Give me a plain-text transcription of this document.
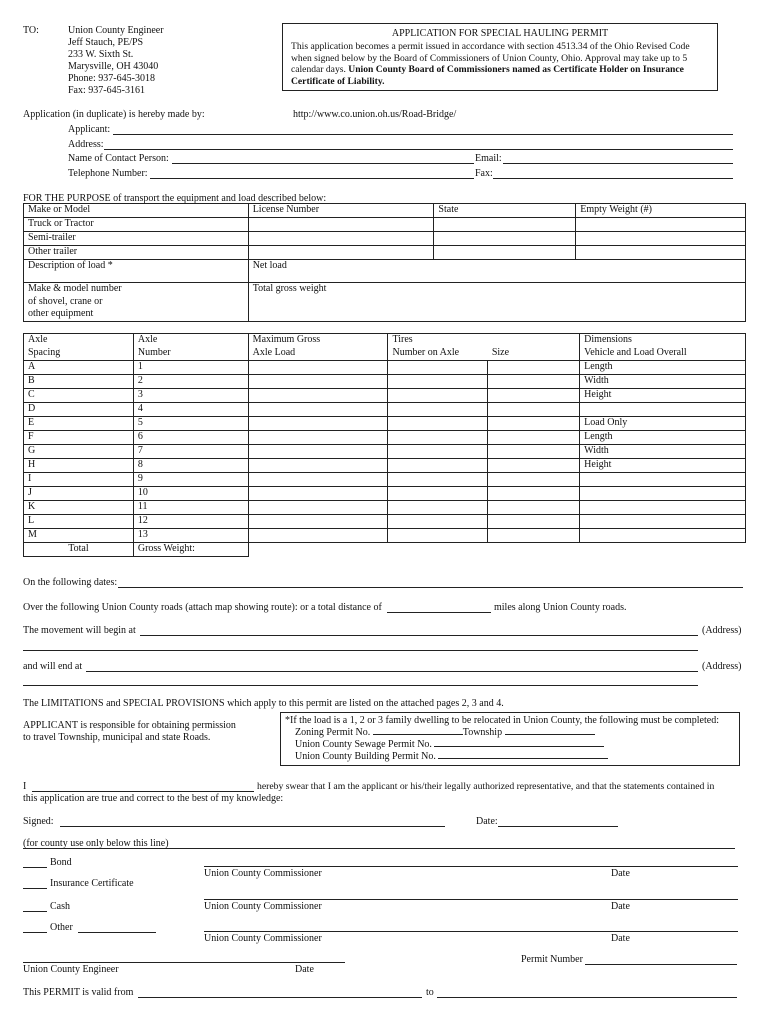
TO:	Union County Engineer
Jeff Stauch, PE/PS
233 W. Sixth St.
Marysville, OH 43040
Phone: 937-645-3018
Fax: 937-645-3161
APPLICATION FOR SPECIAL HAULING PERMIT
This application becomes a permit issued in accordance with section 4513.34 of the Ohio Revised Code when signed below by the Board of Commissioners of Union County, Ohio. Approval may take up to 5 calendar days. Union County Board of Commissioners named as Certificate Holder on Insurance Certificate of Liability.
Application (in duplicate) is hereby made by:	http://www.co.union.oh.us/Road-Bridge/
Applicant:
Address:
Name of Contact Person:	Email:
Telephone Number:	Fax:
FOR THE PURPOSE of transport the equipment and load described below:
Make or Model	License Number	State	Empty Weight (#)
Truck or Tractor			
Semi-trailer			
Other trailer			
Description of load *	Net load		

Make & model number
of shovel, crane or
other equipment	Total gross weight		
Axle	Axle	Maximum Gross	Tires		Dimensions
Spacing	Number	Axle Load	Number on Axle	Size	Vehicle and Load Overall
A	1				Length
B	2				Width
C	3				Height
D	4				
E	5				Load Only
F	6				Length
G	7				Width
H	8				Height
I	9				
J	10				
K	11				
L	12				
M	13				
Total	Gross Weight:				
On the following dates:
Over the following Union County roads (attach map showing route): or a total distance of	miles along Union County roads.
The movement will begin at	(Address)
and will end at	(Address)
The LIMITATIONS and SPECIAL PROVISIONS which apply to this permit are listed on the attached pages 2, 3 and 4.
APPLICANT is responsible for obtaining permission
to travel Township, municipal and state Roads.
*If the load is a 1, 2 or 3 family dwelling to be relocated in Union County, the following must be completed:
Zoning Permit No.	Township
Union County Sewage Permit No.
Union County Building Permit No.
I	hereby swear that I am the applicant or his/their legally authorized representative, and that the statements contained in
this application are true and correct to the best of my knowledge:
Signed:	Date:
(for county use only below this line)
Bond
Insurance Certificate
Cash
Other
Union County Commissioner	Date
Union County Commissioner	Date
Union County Commissioner	Date
Union County Engineer	Date
Permit Number
This PERMIT is valid from	to
